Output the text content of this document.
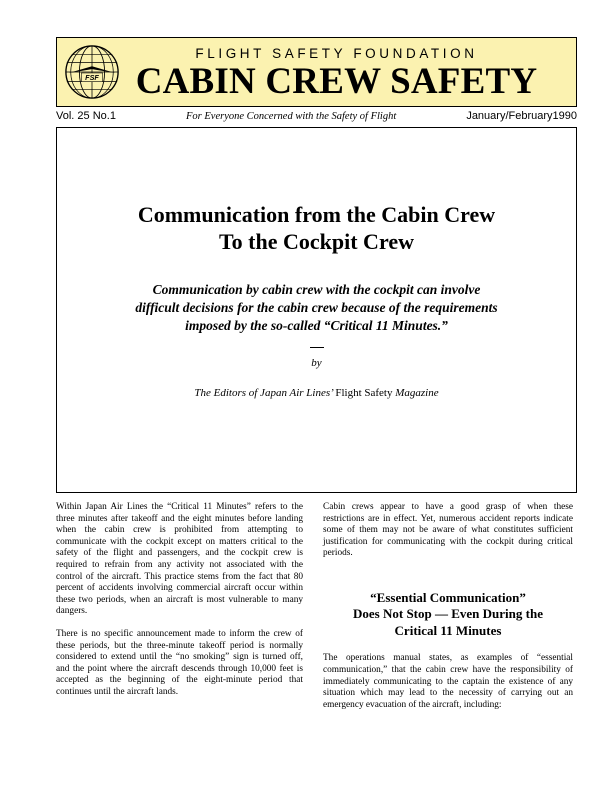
FSF
FLIGHT SAFETY FOUNDATION
CABIN CREW SAFETY
Vol. 25 No.1	For Everyone Concerned with the Safety of Flight	January/February1990
Communication from the Cabin Crew
To the Cockpit Crew
Communication by cabin crew with the cockpit can involve
difficult decisions for the cabin crew because of the requirements
imposed by the so-called “Critical 11 Minutes.”
by
The Editors of Japan Air Lines’ Flight Safety Magazine

Within Japan Air Lines the “Critical 11 Minutes” refers to the three minutes after takeoff and the eight minutes before landing when the cabin crew is prohibited from attempting to communicate with the cockpit except on matters critical to the safety of the flight and passengers, and the cockpit crew is required to refrain from any activity not associated with the control of the aircraft. This practice stems from the fact that 80 percent of accidents involving commercial aircraft occur within these two periods, when an aircraft is most vulnerable to many dangers.

There is no specific announcement made to inform the crew of these periods, but the three-minute takeoff period is normally considered to extend until the “no smoking” sign is turned off, and the point where the aircraft descends through 10,000 feet is accepted as the beginning of the eight-minute period that continues until the aircraft lands.

Cabin crews appear to have a good grasp of when these restrictions are in effect. Yet, numerous accident reports indicate some of them may not be aware of what constitutes sufficient justification for communicating with the cockpit during critical periods.

“Essential Communication”
Does Not Stop — Even During the
Critical 11 Minutes

The operations manual states, as examples of “essential communication,” that the cabin crew have the responsibility of immediately communicating to the captain the existence of any situation which may lead to the necessity of carrying out an emergency evacuation of the aircraft, including:
